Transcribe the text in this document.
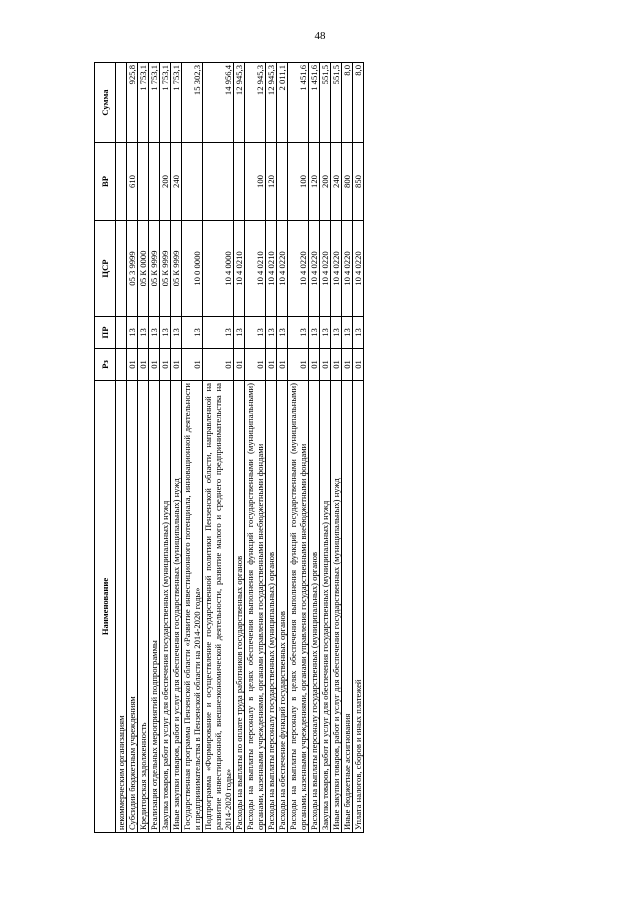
48
Наименование	Рз	ПР	ЦСР	ВР	Сумма
некоммерческим организациям					
Субсидии бюджетным учреждениям	01	13	05 3 9999	610	925,8
Кредиторская задолженность	01	13	05 К 0000		1 753,1
Реализация отдельных мероприятий подпрограммы	01	13	05 К 9999		1 753,1
Закупка товаров, работ и услуг для обеспечения государственных (муниципальных) нужд	01	13	05 К 9999	200	1 753,1
Иные закупки товаров, работ и услуг для обеспечения государственных (муниципальных) нужд	01	13	05 К 9999	240	1 753,1
Государственная программа Пензенской области «Развитие инвестиционного потенциала, инновационной деятельности и предпринимательства в Пензенской области на 2014-2020 годы»	01	13	10 0 0000		15 302,3
Подпрограмма «Формирование и осуществление государственной политики Пензенской области, направленной на развитие инвестиционной, внешнеэкономической деятельности, развитие малого и среднего предпринимательства на 2014-2020 годы»	01	13	10 4 0000		14 956,4
Расходы на выплаты по оплате труда работников государственных органов	01	13	10 4 0210		12 945,3
Расходы на выплаты персоналу в целях обеспечения выполнения функций государственными (муниципальными) органами, казенными учреждениями, органами управления государственными внебюджетными фондами	01	13	10 4 0210	100	12 945,3
Расходы на выплаты персоналу государственных (муниципальных) органов	01	13	10 4 0210	120	12 945,3
Расходы на обеспечение функций государственных органов	01	13	10 4 0220		2 011,1
Расходы на выплаты персоналу в целях обеспечения выполнения функций государственными (муниципальными) органами, казенными учреждениями, органами управления государственными внебюджетными фондами	01	13	10 4 0220	100	1 451,6
Расходы на выплаты персоналу государственных (муниципальных) органов	01	13	10 4 0220	120	1 451,6
Закупка товаров, работ и услуг для обеспечения государственных (муниципальных) нужд	01	13	10 4 0220	200	551,5
Иные закупки товаров, работ и услуг для обеспечения государственных (муниципальных) нужд	01	13	10 4 0220	240	551,5
Иные бюджетные ассигнования	01	13	10 4 0220	800	8,0
Уплата налогов, сборов и иных платежей	01	13	10 4 0220	850	8,0
